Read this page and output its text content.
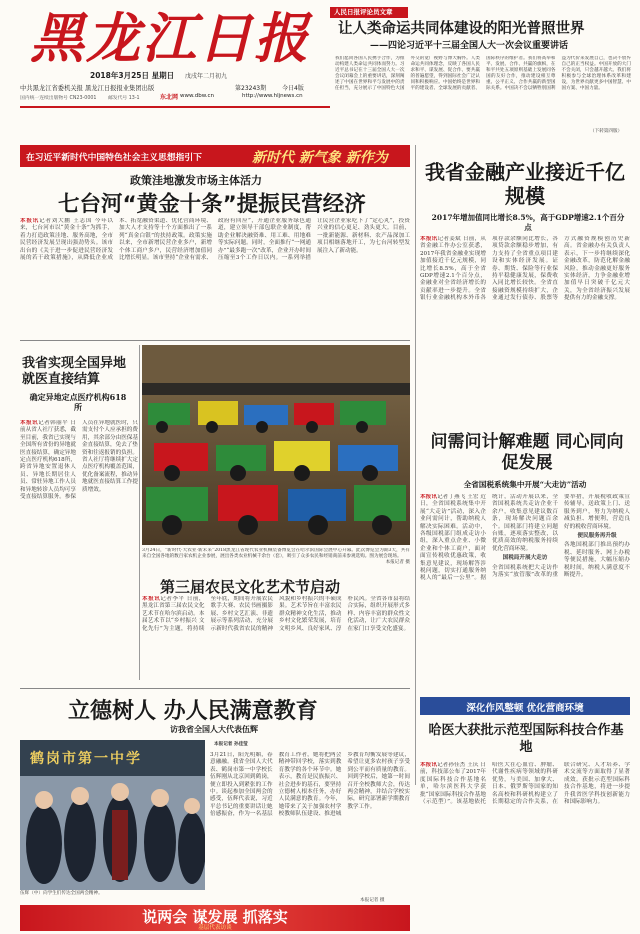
黑龙江日报
2018年3月25日 星期日 戊戌年二月初九
中共黑龙江省委机关报 黑龙江日报报业集团出版	第23243期	今日4版
国内统一连续出版物号 CN23-0001 邮发代号 13-1	东北网 www.dbw.cn	http://www.hljnews.cn
人民日报评论员文章
让人类命运共同体建设的阳光普照世界
——四论习近平十三届全国人大一次会议重要讲话
我们愿同各国人民携手合作，为推动构建人类命运共同体而努力。习近平总书记在十三届全国人大一次会议闭幕会上的重要讲话，深刻阐述了中国在世界和平与发展中的责任担当，充分展示了中国特色大国外交的宽广视野与博大胸怀。人类命运共同体理念，反映了各国人民求和平、谋发展、促合作、要共赢的普遍愿望，得到国际社会广泛认同和积极响应。中国始终是世界和平的建设者、全球发展的贡献者、国际秩序的维护者。我们将高举和平、发展、合作、共赢的旗帜，在和平共处五项原则基础上发展同各国的友好合作，推动建设相互尊重、公平正义、合作共赢的新型国际关系。中国决不会以牺牲别国利益为代价来发展自己，也决不放弃自己的正当权益。中国开放的大门不会关闭，只会越开越大。我们将积极参与全球治理体系改革和建设，为世界贡献更多中国智慧、中国方案、中国力量。
（下转第四版）
在习近平新时代中国特色社会主义思想指引下	新时代 新气象 新作为
政策洼地激发市场主体活力
七台河“黄金十条”提振民营经济
本报讯记者刘大鹏 王志国 今年以来，七台河市以“黄金十条”为抓手，着力打造政策洼地、服务高地，全市民营经济发展呈现出强劲势头。该市出台的《关于进一步促进民营经济发展的若干政策措施》，从降低企业成本、拓宽融资渠道、优化营商环境、加大人才支持等十个方面推出了一系列“真金白银”的扶持政策。政策实施以来，全市新增民营企业多户，新增个体工商户多户，民营经济增加值同比增长明显。该市坚持“企业有需求、政府有回应”，开通企业服务绿色通道，建立领导干部包联企业制度，帮助企业解决融资难、用工难、用地难等实际问题。同时，全面推行“一网通办”“最多跑一次”改革，企业开办时间压缩至3个工作日以内。一系列举措让民营企业家吃下了“定心丸”，投资兴业的信心更足、劲头更大。目前，一批新能源、新材料、农产品深加工项目相继落地开工，为七台河转型发展注入了新动能。
我省金融产业接近千亿规模
2017年增加值同比增长8.5%，高于GDP增速2.1个百分点
本报讯记者姜斌 日前，从省金融工作办公室获悉，2017年我省金融业实现增加值接近千亿元规模，同比增长8.5%，高于全省GDP增速2.1个百分点，金融业对全省经济增长的贡献率进一步提升。全省银行业金融机构本外币各项存款余额同比增长，各项贷款余额稳步增加，有力支持了全省重点项目建设和实体经济发展。证券、期货、保险等行业保持平稳健康发展，保费收入同比增长较快。全省直接融资规模持续扩大，企业通过发行债券、股票等方式融资规模创历史新高。省金融办有关负责人表示，下一步将继续深化金融改革，防范化解金融风险，推动金融更好服务实体经济，力争金融业增加值早日突破千亿元大关，为全省经济振兴发展提供有力的金融支撑。
我省实现全国异地就医直接结算
确定异地定点医疗机构618所
本报讯记者韩丽平 日前从省人社厅获悉，截至目前，我省已实现与全国所有省份的异地就医直接结算，确定异地定点医疗机构618所，跨省异地安置退休人员、异地长期居住人员、常驻异地工作人员和异地转诊人员均可享受直接结算服务。参保人员在异地就医时，只需支付个人应承担的费用，其余部分由医保基金直接结算，免去了垫资和往返报销的负担。省人社厅将继续扩大定点医疗机构覆盖范围，优化备案流程，推动异地就医直接结算工作提质增效。
3月24日，“新时代·大农业·新未来”2018黑龙江省现代农业机械装备博览会在哈尔滨国际会展中心开幕。此次博览会为期3天，共有来自全国各地的数百家农机企业参展，展出各类农业机械千余台（套），吸引了众多农民和经销商前来参观选购。图为展会现场。
本报记者 摄
第三届农民文化艺术节启动
本报讯记者李平 日前，黑龙江省第三届农民文化艺术节在哈尔滨启动。本届艺术节以“乡村振兴 文化先行”为主题，将持续至年底，期间将开展农民歌手大赛、农民书画摄影展、乡村文艺汇演、非遗展示等系列活动，充分展示新时代我省农民的精神风貌和乡村振兴的丰硕成果。艺术节旨在丰富农民群众精神文化生活，推动乡村文化繁荣发展，培育文明乡风、良好家风、淳朴民风。全省各市县将结合实际，组织开展形式多样、内容丰富的群众性文化活动，让广大农民群众在家门口享受文化盛宴。
问需问计解难题 同心同向促发展
全省国税系统集中开展“大走访”活动
本报讯记者丁燕飞 王宏 近日，全省国税系统集中开展“大走访”活动，深入企业问需问计，帮助纳税人解决实际困难。活动中，各级国税部门组成走访小组，深入重点企业、小微企业和个体工商户，面对面宣传税收优惠政策，收集意见建议，现场解答涉税问题，切实打通服务纳税人的“最后一公里”。据统计，活动开展以来，全省国税系统共走访企业千余户，收集意见建议数百条，现场解决问题百余个。国税部门将建立问题台账，逐项落实整改，以优质高效的纳税服务持续优化营商环境。

国税局开展大走访
全省国税系统把大走访作为落实“放管服”改革的重要举措，开展税收政策宣传辅导，送政策上门、送服务到户，努力为纳税人减负担、增便利，营造良好的税收营商环境。

便民服务再升级
各地国税部门推出预约办税、延时服务、网上办税等便民措施，大幅压缩办税时间，纳税人满意度不断提升。
深化作风整顿 优化营商环境
哈医大获批示范型国际科技合作基地
本报讯记者孙佳杰 王庆 日前，科技部公布了2017年度国际科技合作基地名单，哈尔滨医科大学获批“国家国际科技合作基地（示范型）”。该基地依托哈医大在心血管、肿瘤、代谢性疾病等领域的科研优势，与美国、加拿大、日本、俄罗斯等国家的知名高校和科研机构建立了长期稳定的合作关系，在联合研究、人才培养、学术交流等方面取得了显著成效。获批示范型国际科技合作基地，将进一步提升我省医学科技创新能力和国际影响力。
立德树人 办人民满意教育
访我省全国人大代表伍辉
鹤岗市第一中学
伍辉（中）向学生们传达全国两会精神。
本报记者 孙佳莹
3月21日，阳光明媚，春意融融。我省全国人大代表、鹤岗市第一中学校长伍辉刚从北京回到鹤岗，便立即投入到紧张的工作中。谈起参加全国两会的感受，伍辉代表说，习近平总书记的重要讲话让她倍感振奋，作为一名基层教育工作者，她将把两会精神带回学校，落实到教育教学的各个环节中。她表示，教育是民族振兴、社会进步的基石，要坚持立德树人根本任务，办好人民满意的教育。今年，她带来了关于加强农村学校教师队伍建设、推进城乡教育均衡发展等建议，希望让更多农村孩子享受到公平而有质量的教育。回到学校后，她第一时间召开全校教师大会，传达两会精神，并结合学校实际，研究部署新学期教育教学工作。
本报记者 摄
说两会 谋发展 抓落实
基层代表访谈
